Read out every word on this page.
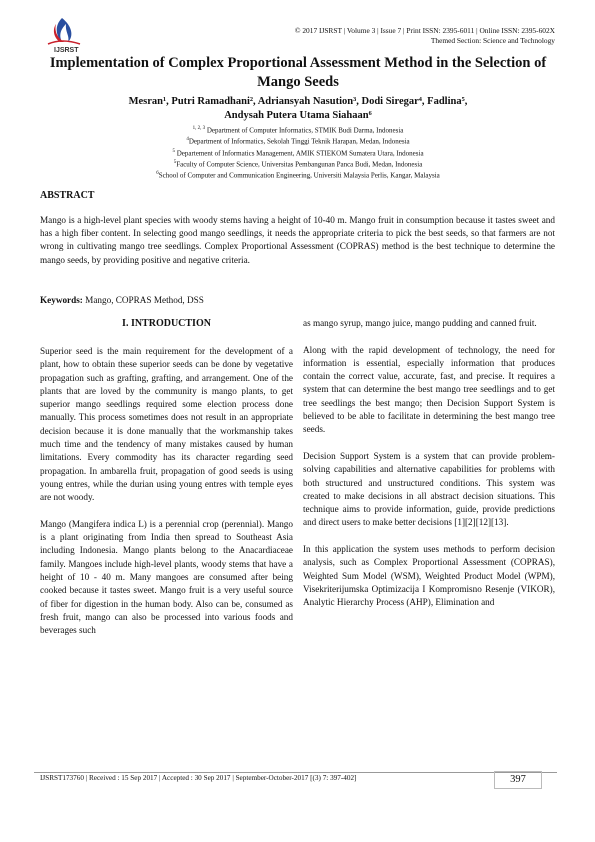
IJSRST
© 2017 IJSRST | Volume 3 | Issue 7 | Print ISSN: 2395-6011 | Online ISSN: 2395-602X
Themed Section: Science and Technology
Implementation of Complex Proportional Assessment Method in the Selection of Mango Seeds
Mesran¹, Putri Ramadhani², Adriansyah Nasution³, Dodi Siregar⁴, Fadlina⁵,
Andysah Putera Utama Siahaan⁶
$^{1, 2, 3}$ Department of Computer Informatics, STMIK Budi Darma, Indonesia
$^4$Department of Informatics, Sekolah Tinggi Teknik Harapan, Medan, Indonesia
$^5$ Departement of Informatics Management, AMIK STIEKOM Sumatera Utara, Indonesia
$^5$Faculty of Computer Science, Universitas Pembangunan Panca Budi, Medan, Indonesia
$^6$School of Computer and Communication Engineering, Universiti Malaysia Perlis, Kangar, Malaysia
ABSTRACT
Mango is a high-level plant species with woody stems having a height of 10-40 m. Mango fruit in consumption because it tastes sweet and has a high fiber content. In selecting good mango seedlings, it needs the appropriate criteria to pick the best seeds, so that farmers are not wrong in cultivating mango tree seedlings. Complex Proportional Assessment (COPRAS) method is the best technique to determine the mango seeds, by providing positive and negative criteria.
Keywords: Mango, COPRAS Method, DSS
I. INTRODUCTION

Superior seed is the main requirement for the development of a plant, how to obtain these superior seeds can be done by vegetative propagation such as grafting, grafting, and arrangement. One of the plants that are loved by the community is mango plants, to get superior mango seedlings required some election process done manually. This process sometimes does not result in an appropriate decision because it is done manually that the workmanship takes much time and the tendency of many mistakes caused by human limitations. Every commodity has its character regarding seed propagation. In ambarella fruit, propagation of good seeds is using young entres, while the durian using young entres with temple eyes are not woody.

Mango (Mangifera indica L) is a perennial crop (perennial). Mango is a plant originating from India then spread to Southeast Asia including Indonesia. Mango plants belong to the Anacardiaceae family. Mangoes include high-level plants, woody stems that have a height of 10 - 40 m. Many mangoes are consumed after being cooked because it tastes sweet. Mango fruit is a very useful source of fiber for digestion in the human body. Also can be, consumed as fresh fruit, mango can also be processed into various foods and beverages such

as mango syrup, mango juice, mango pudding and canned fruit.

Along with the rapid development of technology, the need for information is essential, especially information that produces contain the correct value, accurate, fast, and precise. It requires a system that can determine the best mango tree seedlings and to get tree seedlings the best mango; then Decision Support System is believed to be able to facilitate in determining the best mango tree seeds.

Decision Support System is a system that can provide problem-solving capabilities and alternative capabilities for problems with both structured and unstructured conditions. This system was created to make decisions in all abstract decision situations. This technique aims to provide information, guide, provide predictions and direct users to make better decisions [1][2][12][13].

In this application the system uses methods to perform decision analysis, such as Complex Proportional Assessment (COPRAS), Weighted Sum Model (WSM), Weighted Product Model (WPM), Visekriterijumska Optimizacija I Kompromisno Resenje (VIKOR), Analytic Hierarchy Process (AHP), Elimination and

IJSRST173760 | Received : 15 Sep 2017 | Accepted : 30 Sep 2017 | September-October-2017 [(3) 7: 397-402]	397
